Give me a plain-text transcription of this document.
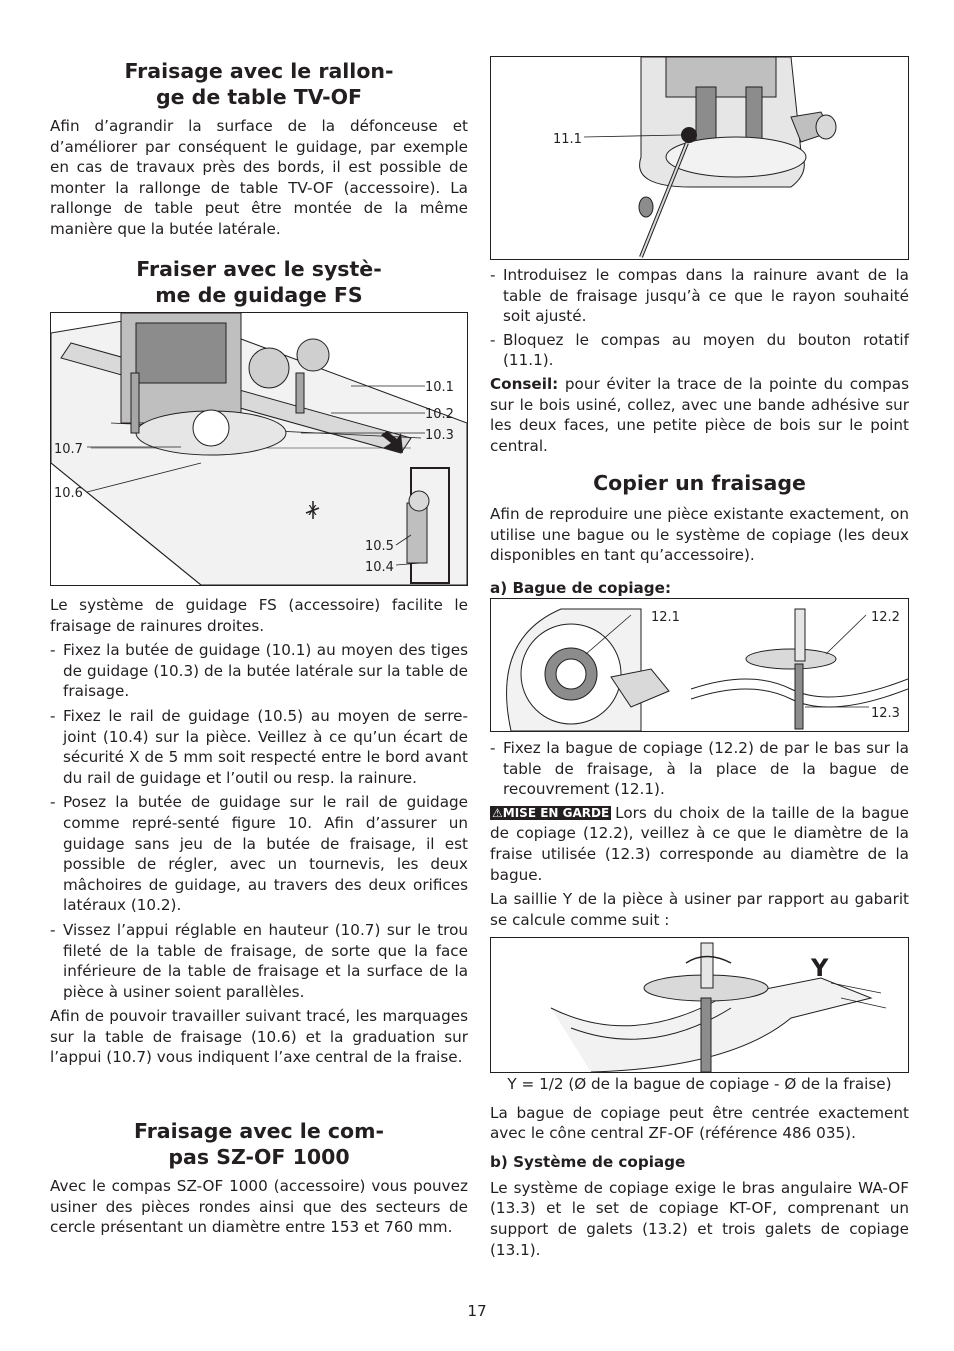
Fraisage avec le rallon-
ge de table TV-OF

Afin d’agrandir la surface de la défonceuse et d’améliorer par conséquent le guidage, par exemple en cas de travaux près des bords, il est possible de monter la rallonge de table TV-OF (accessoire). La rallonge de table peut être montée de la même manière que la butée latérale.

Fraiser avec le systè-
me de guidage FS
X
10.1
10.2
10.3
10.7
10.6
10.5
10.4

Le système de guidage FS (accessoire) facilite le fraisage de rainures droites.

- Fixez la butée de guidage (10.1) au moyen des tiges de guidage (10.3) de la butée latérale sur la table de fraisage.
- Fixez le rail de guidage (10.5) au moyen de serre-joint (10.4) sur la pièce. Veillez à ce qu’un écart de sécurité X de 5 mm soit respecté entre le bord avant du rail de guidage et l’outil ou resp. la rainure.
- Posez la butée de guidage sur le rail de guidage comme repré-senté figure 10. Afin d’assurer un guidage sans jeu de la butée de fraisage, il est possible de régler, avec un tournevis, les deux mâchoires de guidage, au travers des deux orifices latéraux (10.2).
- Vissez l’appui réglable en hauteur (10.7) sur le trou fileté de la table de fraisage, de sorte que la face inférieure de la table de fraisage et la surface de la pièce à usiner soient parallèles.

Afin de pouvoir travailler suivant tracé, les marquages sur la table de fraisage (10.6) et la graduation sur l’appui (10.7) vous indiquent l’axe central de la fraise.

Fraisage avec le com-
pas SZ-OF 1000

Avec le compas SZ-OF 1000 (accessoire) vous pouvez usiner des pièces rondes ainsi que des secteurs de cercle présentant un diamètre entre 153 et 760 mm.

11.1
- Introduisez le compas dans la rainure avant de la table de fraisage jusqu’à ce que le rayon souhaité soit ajusté.
- Bloquez le compas au moyen du bouton rotatif (11.1).

Conseil: pour éviter la trace de la pointe du compas sur le bois usiné, collez, avec une bande adhésive sur les deux faces, une petite pièce de bois sur le point central.

Copier un fraisage

Afin de reproduire une pièce existante exactement, on utilise une bague ou le système de copiage (les deux disponibles en tant qu’accessoire).

a) Bague de copiage:
12.1	12.2
12.3
- Fixez la bague de copiage (12.2) de par le bas sur la table de fraisage, à la place de la bague de recouvrement (12.1).

⚠MISE EN GARDE Lors du choix de la taille de la bague de copiage (12.2), veillez à ce que le diamètre de la fraise utilisée (12.3) corresponde au diamètre de la bague.

La saillie Y de la pièce à usiner par rapport au gabarit se calcule comme suit :

Y
Y = 1/2 (Ø de la bague de copiage - Ø de la fraise)

La bague de copiage peut être centrée exactement avec le cône central ZF-OF (référence 486 035).

b) Système de copiage

Le système de copiage exige le bras angulaire WA-OF (13.3) et le set de copiage KT-OF, comprenant un support de galets (13.2) et trois galets de copiage (13.1).

17
